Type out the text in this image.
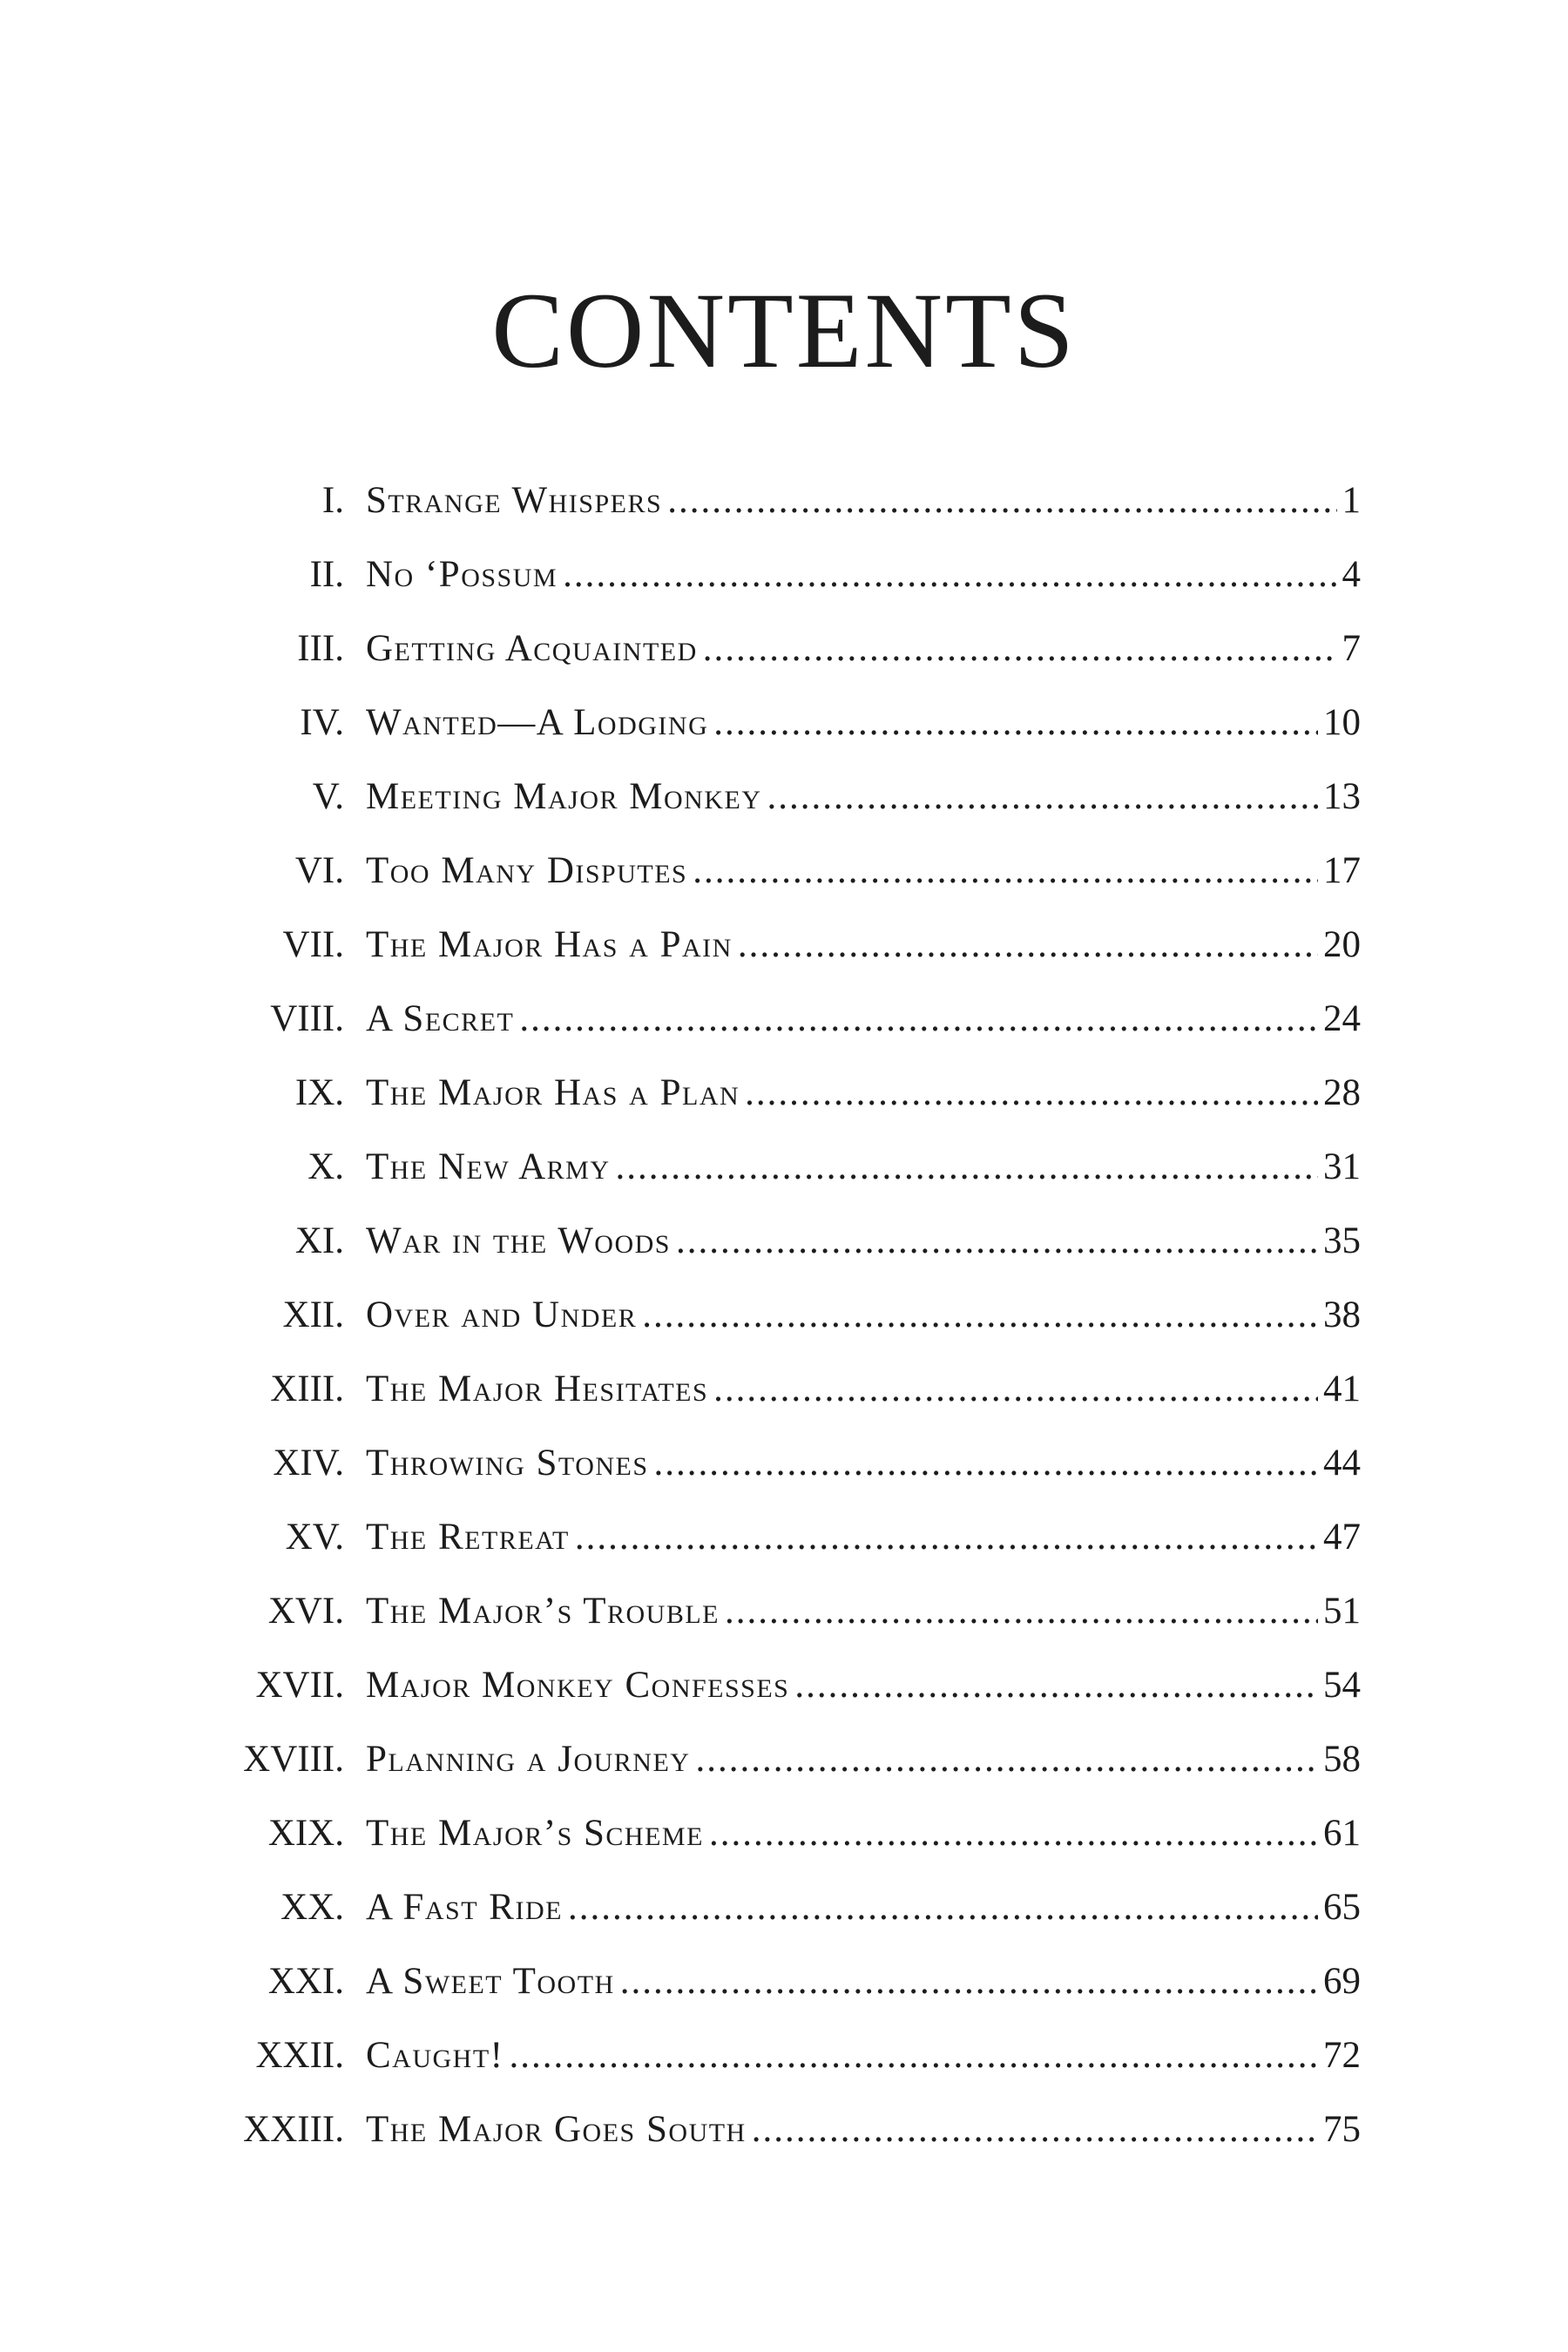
CONTENTS
I. Strange Whispers .....	1
II. No ‘Possum .....	4
III. Getting Acquainted .....	7
IV. Wanted—A Lodging .....	10
V. Meeting Major Monkey .....	13
VI. Too Many Disputes .....	17
VII. The Major Has a Pain .....	20
VIII. A Secret .....	24
IX. The Major Has a Plan .....	28
X. The New Army .....	31
XI. War in the Woods .....	35
XII. Over and Under .....	38
XIII. The Major Hesitates .....	41
XIV. Throwing Stones .....	44
XV. The Retreat .....	47
XVI. The Major’s Trouble .....	51
XVII. Major Monkey Confesses .....	54
XVIII. Planning a Journey .....	58
XIX. The Major’s Scheme .....	61
XX. A Fast Ride .....	65
XXI. A Sweet Tooth .....	69
XXII. Caught! .....	72
XXIII. The Major Goes South .....	75
